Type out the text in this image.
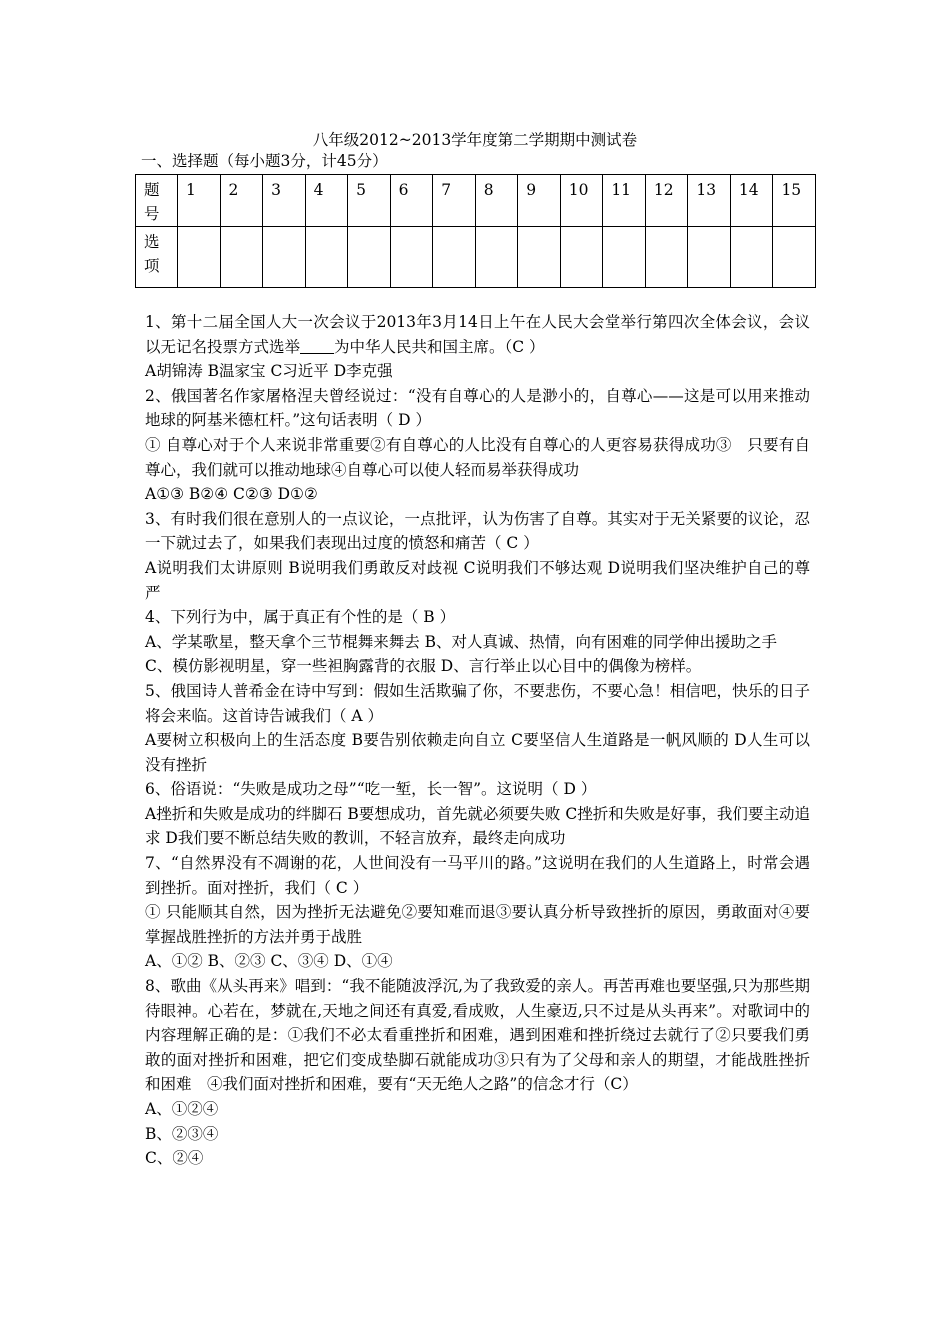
八年级2012~2013学年度第二学期期中测试卷
一、选择题（每小题3分，计45分）
题
号	1	2	3	4	5	6	7	8	9	10	11	12	13	14	15
选
项															

1、第十二届全国人大一次会议于2013年3月14日上午在人民大会堂举行第四次全体会议，会议以无记名投票方式选举 为中华人民共和国主席。（C ）

A胡锦涛 B温家宝 C习近平 D李克强

2、俄国著名作家屠格涅夫曾经说过：“没有自尊心的人是渺小的，自尊心——这是可以用来推动地球的阿基米德杠杆。”这句话表明（ D ）

① 自尊心对于个人来说非常重要②有自尊心的人比没有自尊心的人更容易获得成功③　只要有自尊心，我们就可以推动地球④自尊心可以使人轻而易举获得成功

A①③ B②④ C②③ D①②

3、有时我们很在意别人的一点议论，一点批评，认为伤害了自尊。其实对于无关紧要的议论，忍一下就过去了，如果我们表现出过度的愤怒和痛苦（ C ）

A说明我们太讲原则 B说明我们勇敢反对歧视 C说明我们不够达观 D说明我们坚决维护自己的尊严

4、下列行为中，属于真正有个性的是（ B ）

A、学某歌星，整天拿个三节棍舞来舞去 B、对人真诚、热情，向有困难的同学伸出援助之手

C、模仿影视明星，穿一些袒胸露背的衣服 D、言行举止以心目中的偶像为榜样。

5、俄国诗人普希金在诗中写到：假如生活欺骗了你，不要悲伤，不要心急！相信吧，快乐的日子将会来临。这首诗告诫我们（ A ）

A要树立积极向上的生活态度 B要告别依赖走向自立 C要坚信人生道路是一帆风顺的 D人生可以没有挫折

6、俗语说：“失败是成功之母”“吃一堑，长一智”。这说明（ D ）

A挫折和失败是成功的绊脚石 B要想成功，首先就必须要失败 C挫折和失败是好事，我们要主动追求 D我们要不断总结失败的教训，不轻言放弃，最终走向成功

7、“自然界没有不凋谢的花，人世间没有一马平川的路。”这说明在我们的人生道路上，时常会遇到挫折。面对挫折，我们（ C ）

① 只能顺其自然，因为挫折无法避免②要知难而退③要认真分析导致挫折的原因，勇敢面对④要掌握战胜挫折的方法并勇于战胜

A、①② B、②③ C、③④ D、①④

8、歌曲《从头再来》唱到：“我不能随波浮沉,为了我致爱的亲人。再苦再难也要坚强,只为那些期待眼神。心若在，梦就在,天地之间还有真爱,看成败，人生豪迈,只不过是从头再来”。对歌词中的内容理解正确的是：①我们不必太看重挫折和困难，遇到困难和挫折绕过去就行了②只要我们勇敢的面对挫折和困难，把它们变成垫脚石就能成功③只有为了父母和亲人的期望，才能战胜挫折和困难　④我们面对挫折和困难，要有“天无绝人之路”的信念才行（C）

A、①②④

B、②③④

C、②④
